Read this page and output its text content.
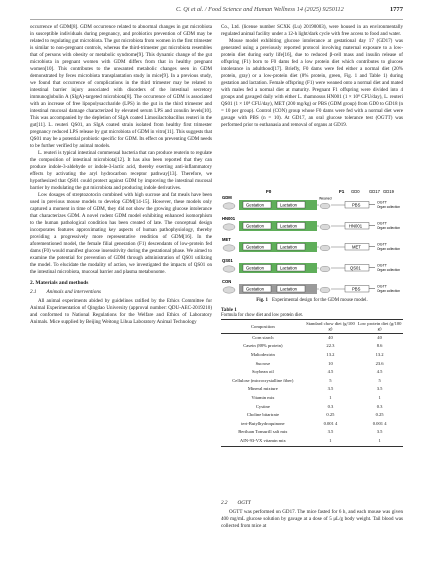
C. Qi et al. / Food Science and Human Wellness 14 (2025) 9250112	1777

occurrence of GDM[8]. GDM occurrence related to abnormal changes in gut microbiota in susceptible individuals during pregnancy, and probiotics prevention of GDM may be related to regulating gut microbiota. The gut microbiota from women in the first trimester is similar to non-pregnant controls, whereas the third-trimester gut microbiota resembles that of persons with obesity or metabolic syndrome[9]. This dynamic change of the gut microbiota in pregnant women with GDM differs from that in healthy pregnant women[10]. This contributes to the unwanted metabolic changes seen in GDM demonstrated by feces microbiota transplantation study in mice[9]. In a previous study, we found that occurrence of complications in the third trimester may be related to intestinal barrier injury associated with disorders of the intestinal secretory immunoglobulin A (SIgA)-targeted microbiota[8]. The occurrence of GDM is associated with an increase of free lipopolysaccharide (LPS) in the gut in the third trimester and intestinal mucosal damage characterized by elevated serum LPS and zonulin levels[10]. This was accompanied by the depletion of SIgA coated Limosilactobacillus reuteri in the gut[11]. L. reuteri QS01, an SIgA coated strain isolated from healthy first trimester pregnancy reduced LPS release by gut microbiota of GDM in vitro[11]. This suggests that QS01 may be a potential probiotic specific for GDM. Its effect on preventing GDM needs to be further verified by animal models.

L. reuteri is typical intestinal commensal bacteria that can produce reuterin to regulate the composition of intestinal microbiota[12]. It has also been reported that they can produce indole-3-aldehyde or indole-3-lactic acid, thereby exerting anti-inflammatory effects by activating the aryl hydrocarbon receptor pathway[13]. Therefore, we hypothesized that QS01 could protect against GDM by improving the intestinal mucosal barrier by modulating the gut microbiota and producing indole derivatives.

Low dosages of streptozotocin combined with high sucrose and fat meals have been used in previous mouse models to develop GDM[14-15]. However, these models only captured a moment in time of GDM, they did not show the growing glucose intolerance that characterizes GDM. A novel rodent GDM model exhibiting enhanced isomorphism to the human pathological condition has been created of late. The conceptual design incorporates features approximating key aspects of human pathophysiology, thereby providing a progressively more representative rendition of GDM[16]. In the aforementioned model, the female filial generation (F1) descendants of low-protein fed dams (F0) would manifest glucose insensitivity during the gestational phase. We aimed to examine the potential for prevention of GDM through administration of QS01 utilizing the model. To elucidate the modality of action, we investigated the impacts of QS01 on the intestinal microbiota, mucosal barrier and plasma metabonome.

2. Materials and methods
2.1 Animals and interventions

All animal experiments abided by guidelines ratified by the Ethics Committee for Animal Experimentation of Qingdao University (approval number: QDU-AEC-2019210) and conformed to National Regulations for the Welfare and Ethics of Laboratory Animals. Mice supplied by Beijing Weitong Lihua Laboratory Animal Technology

Co., Ltd. (license number SCXK (Lu) 20190003), were housed in an environmentally regulated animal facility under a 12-h light/dark cycle with free access to food and water.

Mouse model exhibiting glucose intolerance at gestational day 17 (GD17) was generated using a previously reported protocol involving maternal exposure to a low-protein diet during early life[16], due to reduced β-cell mass and insulin release of offspring (F1) born to F0 dams fed a low protein diet which contributes to glucose intolerance in adulthood[17]. Briefly, F0 dams were fed either a normal diet (20% protein, gray) or a low-protein diet (8% protein, green, Fig. 1 and Table 1) during gestation and lactation. Female offspring (F1) were weaned onto a normal diet and mated with males fed a normal diet at maturity. Pregnant F1 offspring were divided into 4 groups and gavaged daily with either L. rhamnosus HN001 (1 × 10⁸ CFU/day), L. reuteri QS01 (1 × 10⁸ CFU/day), MET (200 mg/kg) or PBS (GDM group) from GD0 to GD18 (n = 10 per group). Control (CON) group whose F0 dams were fed with a normal diet were gavage with PBS (n = 10). At GD17, an oral glucose tolerance test (OGTT) was performed prior to euthanasia and removal of organs at GD19.

F0	F1 GD0 GD17 GD19
GDM
Gestation	Lactation
Weaned
PBS	OGTT
Organ collection
HN001
Gestation	Lactation	HN001	OGTT
Organ collection
MET
Gestation	Lactation	MET	OGTT
Organ collection
QS01
Gestation	Lactation	QS01	OGTT
Organ collection
CON
Gestation	Lactation	PBS	OGTT
Organ collection
Fig. 1 Experimental design for the GDM mouse model.
Table 1
Formula for chow diet and low protein diet.
Composition	Standard chow diet (g/100 g)	Low protein diet (g/100 g)
Corn starch	40	40
Casein (88% protein)	22.3	8.6
Maltodextrin	13.2	13.2
Sucrose	10	23.6
Soybean oil	4.5	4.5
Cellulose (microcrystalline fiber)	5	5
Mineral mixture	3.5	3.5
Vitamin mix	1	1
Cystine	0.3	0.3
Choline bitartrate	0.25	0.25
tert-Butylhydroquinone	0.001 4	0.001 4
Beriluan Tonsurill salt mix	3.5	3.5
AIN-93-VX vitamin mix	1	1
2.2 OGTT

OGTT was performed on GD17. The mice fasted for 6 h, and each mouse was given 400 mg/mL glucose solution by gavage at a dose of 5 μL/g body weight. Tail blood was collected from mice at
